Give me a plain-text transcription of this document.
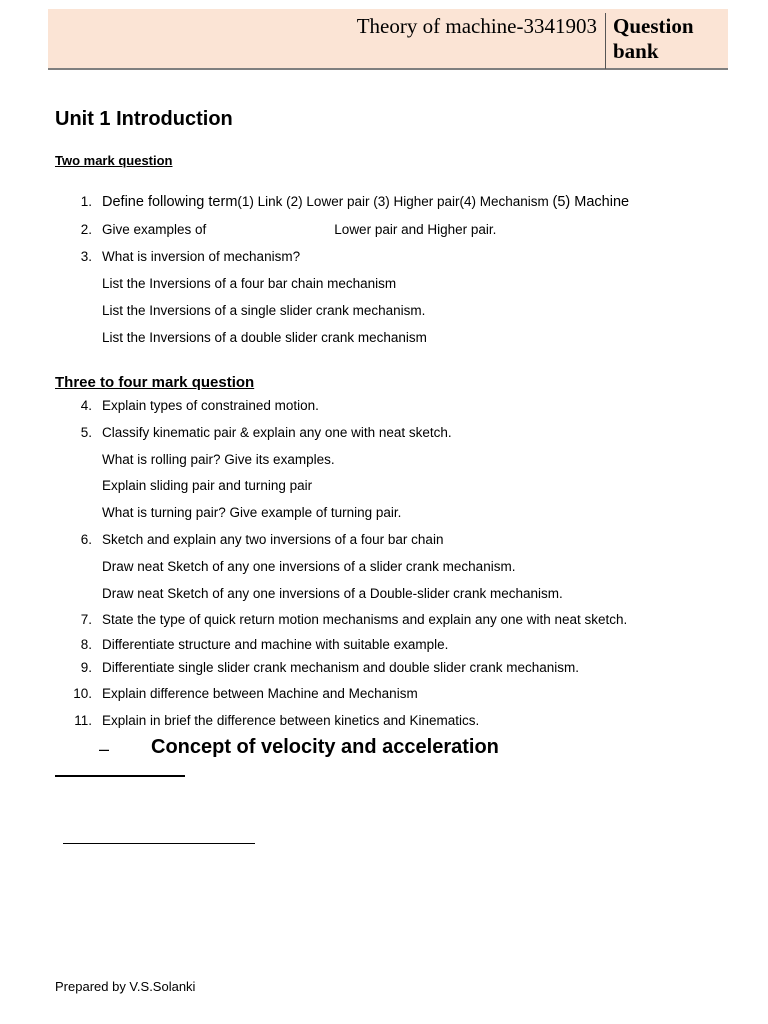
Theory of machine-3341903 Question
bank
Unit 1 Introduction
Two mark question
1. Define following term(1) Link (2) Lower pair (3) Higher pair(4) Mechanism (5) Machine
2. Give examples of	Lower pair and Higher pair.
3. What is inversion of mechanism?
List the Inversions of a four bar chain mechanism
List the Inversions of a single slider crank mechanism.
List the Inversions of a double slider crank mechanism
Three to four mark question
4. Explain types of constrained motion.
5. Classify kinematic pair & explain any one with neat sketch.
What is rolling pair? Give its examples.
Explain sliding pair and turning pair
What is turning pair? Give example of turning pair.
6. Sketch and explain any two inversions of a four bar chain
Draw neat Sketch of any one inversions of a slider crank mechanism.
Draw neat Sketch of any one inversions of a Double-slider crank mechanism.
7. State the type of quick return motion mechanisms and explain any one with neat sketch.
8. Differentiate structure and machine with suitable example.
9. Differentiate single slider crank mechanism and double slider crank mechanism.
10. Explain difference between Machine and Mechanism
11. Explain in brief the difference between kinetics and Kinematics.
– Concept of velocity and acceleration
Prepared by V.S.Solanki
